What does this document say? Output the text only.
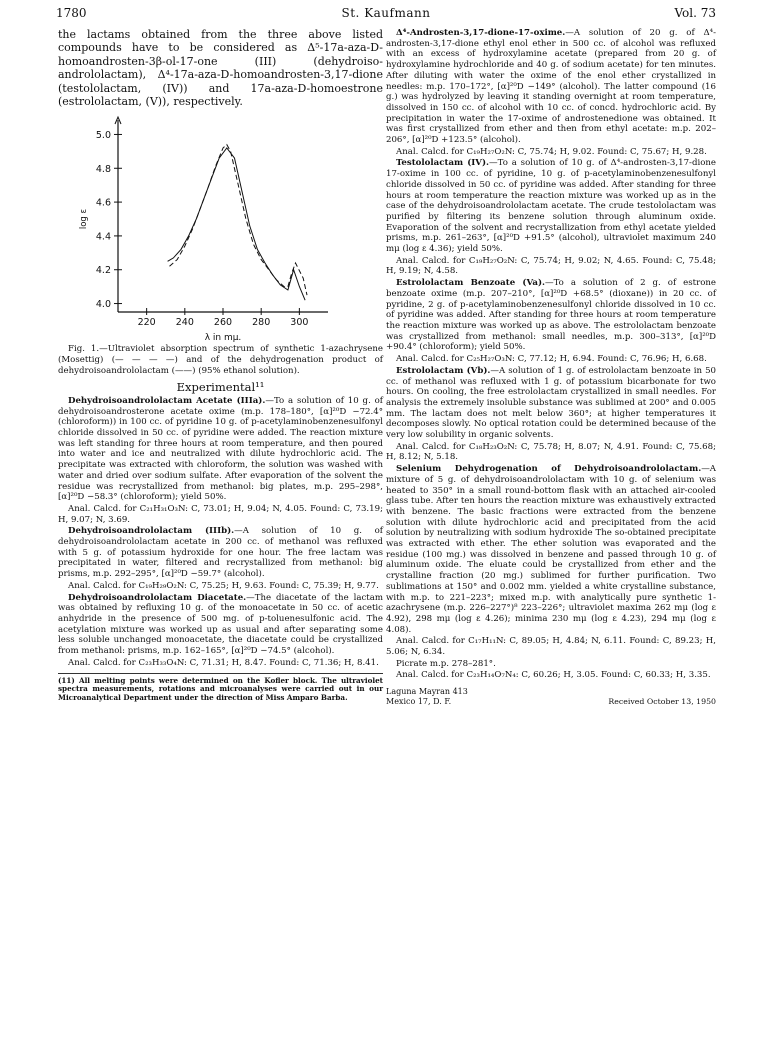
1780	St. Kaufmann	Vol. 73
the lactams obtained from the three above listed compounds have to be considered as Δ⁵-17a-aza-D-homoandrosten-3β-ol-17-one (III) (dehydroiso-andrololactam), Δ⁴-17a-aza-D-homoandrosten-3,17-dione (testololactam, (IV)) and 17a-aza-D-homoestrone (estrololactam, (V)), respectively.
4.0
4.2
4.4
4.6
4.8
5.0
220 240 260 280 300
λ in mμ.
log ε

Fig. 1.—Ultraviolet absorption spectrum of synthetic 1-azachrysene (Mosettig) (— — — —) and of the dehydrogenation product of dehydroisoandrololactam (——) (95% ethanol solution).

Experimental¹¹

Dehydroisoandrololactam Acetate (IIIa).—To a solution of 10 g. of dehydroisoandrosterone acetate oxime (m.p. 178–180°, [α]²⁰D −72.4° (chloroform)) in 100 cc. of pyridine 10 g. of p-acetylaminobenzenesulfonyl chloride dissolved in 50 cc. of pyridine were added. The reaction mixture was left standing for three hours at room temperature, and then poured into water and ice and neutralized with dilute hydrochloric acid. The precipitate was extracted with chloroform, the solution was washed with water and dried over sodium sulfate. After evaporation of the solvent the residue was recrystallized from methanol: big plates, m.p. 295–298°, [α]²⁰D −58.3° (chloroform); yield 50%.

Anal. Calcd. for C₂₁H₃₁O₃N: C, 73.01; H, 9.04; N, 4.05. Found: C, 73.19; H, 9.07; N, 3.69.

Dehydroisoandrololactam (IIIb).—A solution of 10 g. of dehydroisoandrololactam acetate in 200 cc. of methanol was refluxed with 5 g. of potassium hydroxide for one hour. The free lactam was precipitated in water, filtered and recrystallized from methanol: big prisms, m.p. 292–295°, [α]²⁰D −59.7° (alcohol).

Anal. Calcd. for C₁₉H₂₉O₂N: C, 75.25; H, 9.63. Found: C, 75.39; H, 9.77.

Dehydroisoandrololactam Diacetate.—The diacetate of the lactam was obtained by refluxing 10 g. of the monoacetate in 50 cc. of acetic anhydride in the presence of 500 mg. of p-toluenesulfonic acid. The acetylation mixture was worked up as usual and after separating some less soluble unchanged monoacetate, the diacetate could be crystallized from methanol: prisms, m.p. 162–165°, [α]²⁰D −74.5° (alcohol).

Anal. Calcd. for C₂₃H₃₃O₄N: C, 71.31; H, 8.47. Found: C, 71.36; H, 8.41.

(11) All melting points were determined on the Kofler block. The ultraviolet spectra measurements, rotations and microanalyses were carried out in our Microanalytical Department under the direction of Miss Amparo Barba.

Δ⁴-Androsten-3,17-dione-17-oxime.—A solution of 20 g. of Δ⁴-androsten-3,17-dione ethyl enol ether in 500 cc. of alcohol was refluxed with an excess of hydroxylamine acetate (prepared from 20 g. of hydroxylamine hydrochloride and 40 g. of sodium acetate) for ten minutes. After diluting with water the oxime of the enol ether crystallized in needles: m.p. 170–172°, [α]²⁰D −149° (alcohol). The latter compound (16 g.) was hydrolyzed by leaving it standing overnight at room temperature, dissolved in 150 cc. of alcohol with 10 cc. of concd. hydrochloric acid. By precipitation in water the 17-oxime of androstenedione was obtained. It was first crystallized from ether and then from ethyl acetate: m.p. 202–206°, [α]²⁰D +123.5° (alcohol).

Anal. Calcd. for C₁₉H₂₇O₂N: C, 75.74; H, 9.02. Found: C, 75.67; H, 9.28.

Testololactam (IV).—To a solution of 10 g. of Δ⁴-androsten-3,17-dione 17-oxime in 100 cc. of pyridine, 10 g. of p-acetylaminobenzenesulfonyl chloride dissolved in 50 cc. of pyridine was added. After standing for three hours at room temperature the reaction mixture was worked up as in the case of the dehydroisoandrololactam acetate. The crude testololactam was purified by filtering its benzene solution through aluminum oxide. Evaporation of the solvent and recrystallization from ethyl acetate yielded prisms, m.p. 261–263°, [α]²⁰D +91.5° (alcohol), ultraviolet maximum 240 mμ (log ε 4.36); yield 50%.

Anal. Calcd. for C₁₉H₂₇O₂N: C, 75.74; H, 9.02; N, 4.65. Found: C, 75.48; H, 9.19; N, 4.58.

Estrololactam Benzoate (Va).—To a solution of 2 g. of estrone benzoate oxime (m.p. 207–210°, [α]²⁰D +68.5° (dioxane)) in 20 cc. of pyridine, 2 g. of p-acetylaminobenzenesulfonyl chloride dissolved in 10 cc. of pyridine was added. After standing for three hours at room temperature the reaction mixture was worked up as above. The estrololactam benzoate was crystallized from methanol: small needles, m.p. 300–313°, [α]²⁰D +90.4° (chloroform); yield 50%.

Anal. Calcd. for C₂₅H₂₇O₃N: C, 77.12; H, 6.94. Found: C, 76.96; H, 6.68.

Estrololactam (Vb).—A solution of 1 g. of estrololactam benzoate in 50 cc. of methanol was refluxed with 1 g. of potassium bicarbonate for two hours. On cooling, the free estrololactam crystallized in small needles. For analysis the extremely insoluble substance was sublimed at 200° and 0.005 mm. The lactam does not melt below 360°; at higher temperatures it decomposes slowly. No optical rotation could be determined because of the very low solubility in organic solvents.

Anal. Calcd. for C₁₈H₂₃O₂N: C, 75.78; H, 8.07; N, 4.91. Found: C, 75.68; H, 8.12; N, 5.18.

Selenium Dehydrogenation of Dehydroisoandrololactam.—A mixture of 5 g. of dehydroisoandrololactam with 10 g. of selenium was heated to 350° in a small round-bottom flask with an attached air-cooled glass tube. After ten hours the reaction mixture was exhaustively extracted with benzene. The basic fractions were extracted from the benzene solution with dilute hydrochloric acid and precipitated from the acid solution by neutralizing with sodium hydroxide The so-obtained precipitate was extracted with ether. The ether solution was evaporated and the residue (100 mg.) was dissolved in benzene and passed through 10 g. of aluminum oxide. The eluate could be crystallized from ether and the crystalline fraction (20 mg.) sublimed for further purification. Two sublimations at 150° and 0.002 mm. yielded a white crystalline substance, with m.p. to 221–223°; mixed m.p. with analytically pure synthetic 1-azachrysene (m.p. 226–227°)⁸ 223–226°; ultraviolet maxima 262 mμ (log ε 4.92), 298 mμ (log ε 4.26); minima 230 mμ (log ε 4.23), 294 mμ (log ε 4.08).

Anal. Calcd. for C₁₇H₁₁N: C, 89.05; H, 4.84; N, 6.11. Found: C, 89.23; H, 5.06; N, 6.34.

Picrate m.p. 278–281°.

Anal. Calcd. for C₂₃H₁₄O₇N₄: C, 60.26; H, 3.05. Found: C, 60.33; H, 3.35.

Laguna Mayran 413
Mexico 17, D. F.	Received October 13, 1950
